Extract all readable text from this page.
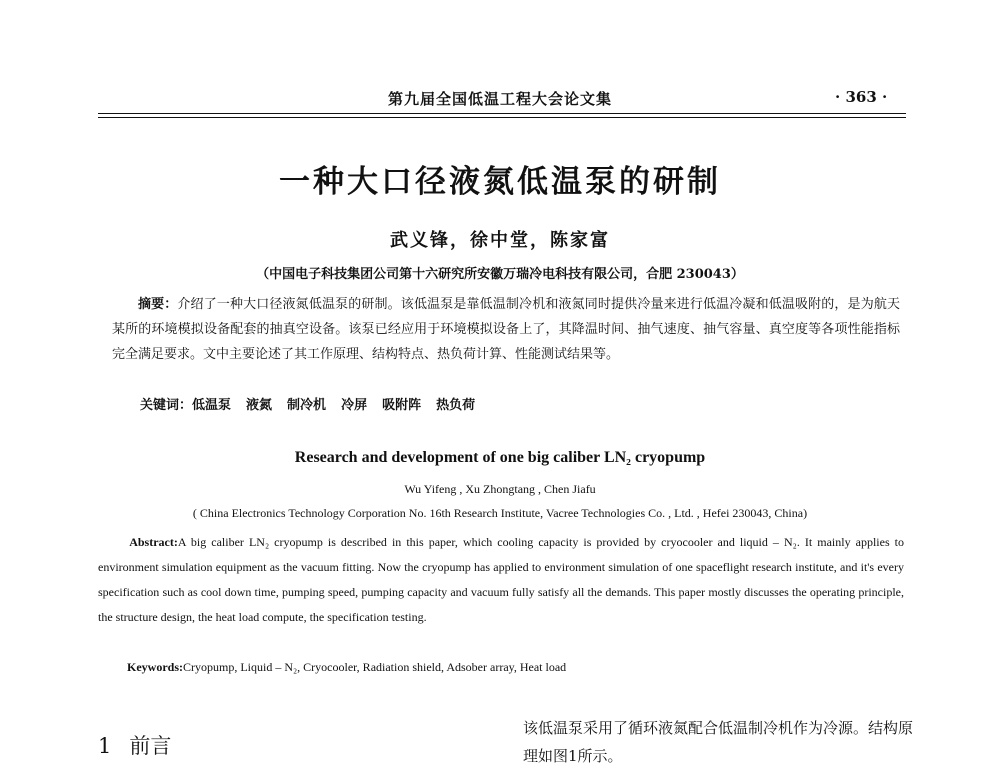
第九届全国低温工程大会论文集	· 363 ·
一种大口径液氮低温泵的研制
武义锋，徐中堂，陈家富
（中国电子科技集团公司第十六研究所安徽万瑞冷电科技有限公司，合肥 230043）
摘要：介绍了一种大口径液氮低温泵的研制。该低温泵是靠低温制冷机和液氮同时提供冷量来进行低温冷凝和低温吸附的，是为航天某所的环境模拟设备配套的抽真空设备。该泵已经应用于环境模拟设备上了，其降温时间、抽气速度、抽气容量、真空度等各项性能指标完全满足要求。文中主要论述了其工作原理、结构特点、热负荷计算、性能测试结果等。
关键词：低温泵 液氮 制冷机 冷屏 吸附阵 热负荷
Research and development of one big caliber LN₂ cryopump
Wu Yifeng , Xu Zhongtang , Chen Jiafu
( China Electronics Technology Corporation No. 16th Research Institute, Vacree Technologies Co. , Ltd. , Hefei 230043, China)
Abstract:A big caliber LN₂ cryopump is described in this paper, which cooling capacity is provided by cryocooler and liquid – N₂. It mainly applies to environment simulation equipment as the vacuum fitting. Now the cryopump has applied to environment simulation of one spaceflight research institute, and it's every specification such as cool down time, pumping speed, pumping capacity and vacuum fully satisfy all the demands. This paper mostly discusses the operating principle, the structure design, the heat load compute, the specification testing.
Keywords:Cryopump, Liquid – N₂, Cryocooler, Radiation shield, Adsober array, Heat load
1 前言
该低温泵采用了循环液氮配合低温制冷机作为冷源。结构原理如图1所示。
